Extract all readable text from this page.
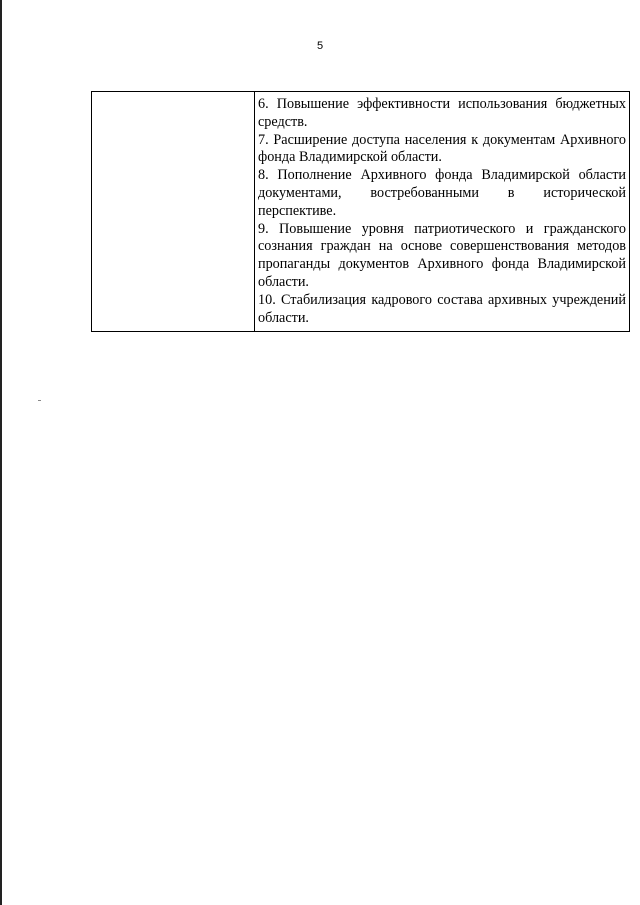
5

6. Повышение эффективности использования бюджетных средств.

7. Расширение доступа населения к документам Архивного фонда Владимирской области.

8. Пополнение Архивного фонда Владимирской области документами, востребованными в исторической перспективе.

9. Повышение уровня патриотического и гражданского сознания граждан на основе совершенствования методов пропаганды документов Архивного фонда Владимирской области.

10. Стабилизация кадрового состава архивных учреждений области.
